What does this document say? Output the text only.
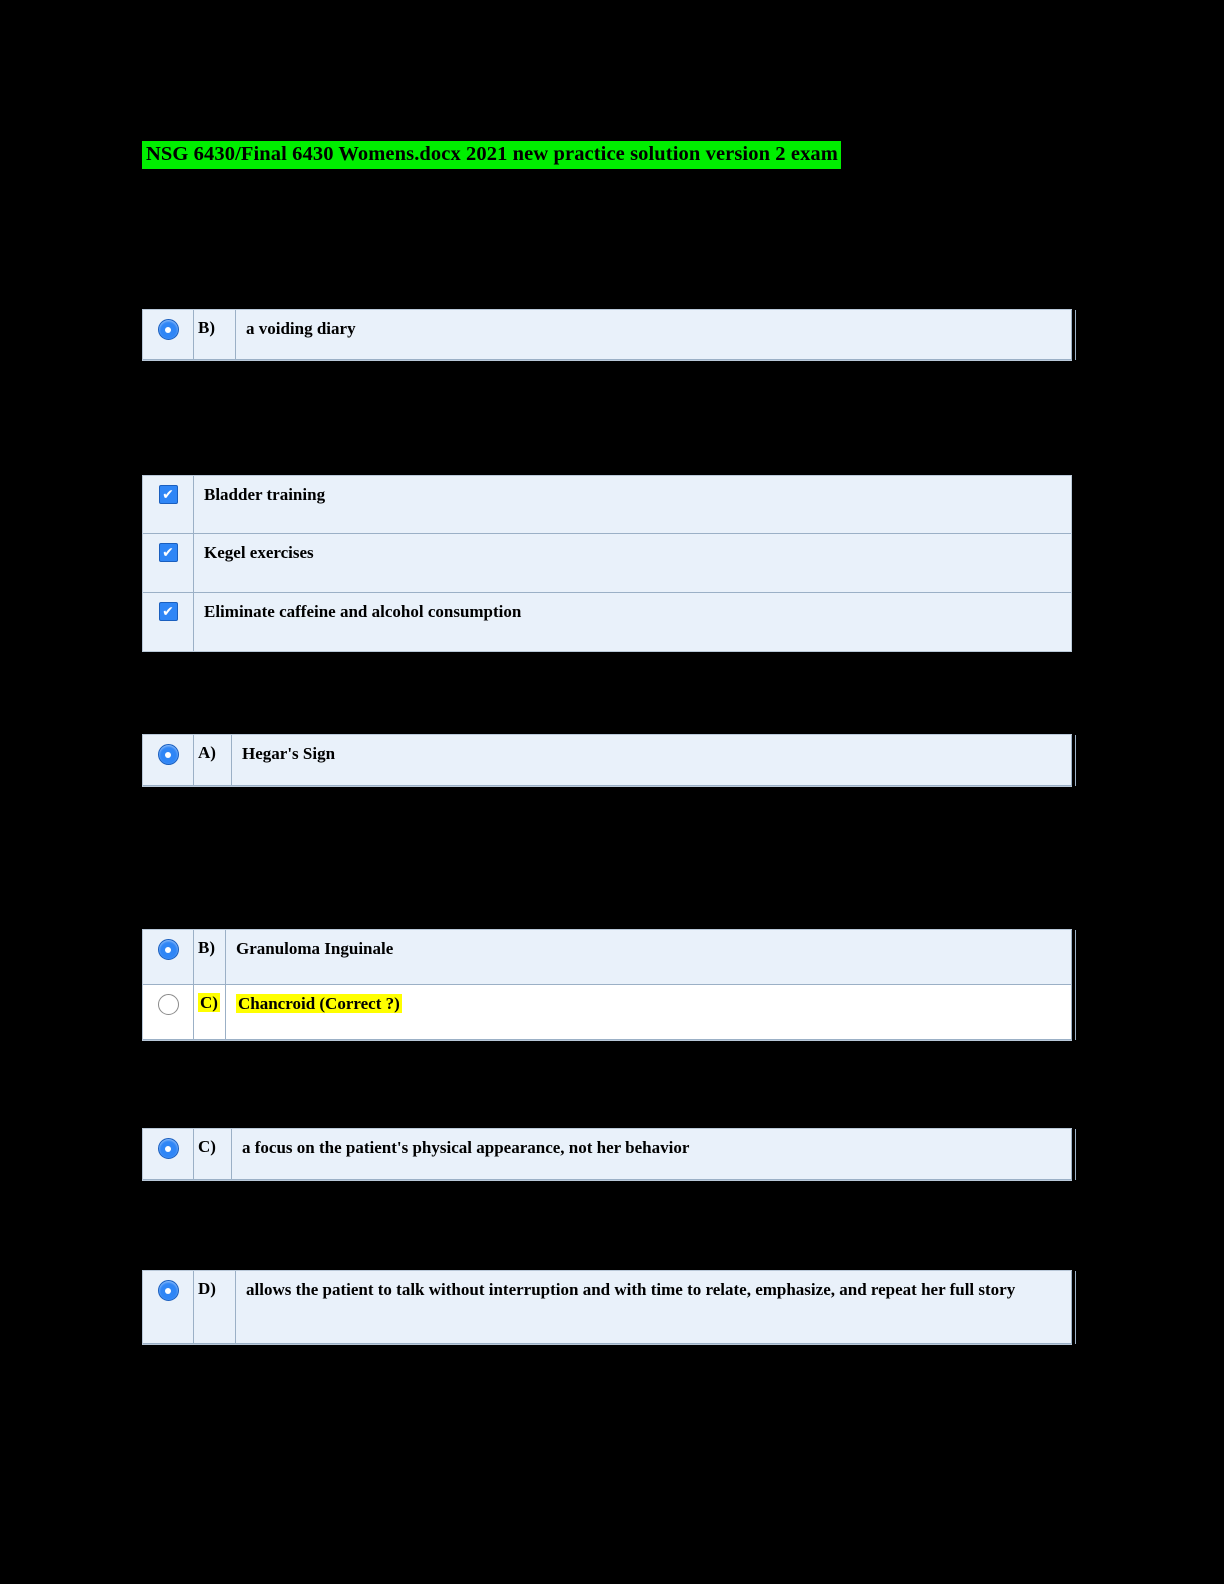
NSG 6430/Final 6430 Womens.docx 2021 new practice solution version 2 exam
B)	a voiding diary
✔	Bladder training
✔	Kegel exercises
✔	Eliminate caffeine and alcohol consumption
A)	Hegar's Sign
B)	Granuloma Inguinale
C)	Chancroid (Correct ?)
C)	a focus on the patient's physical appearance, not her behavior
D)	allows the patient to talk without interruption and with time to relate, emphasize, and repeat her full story
